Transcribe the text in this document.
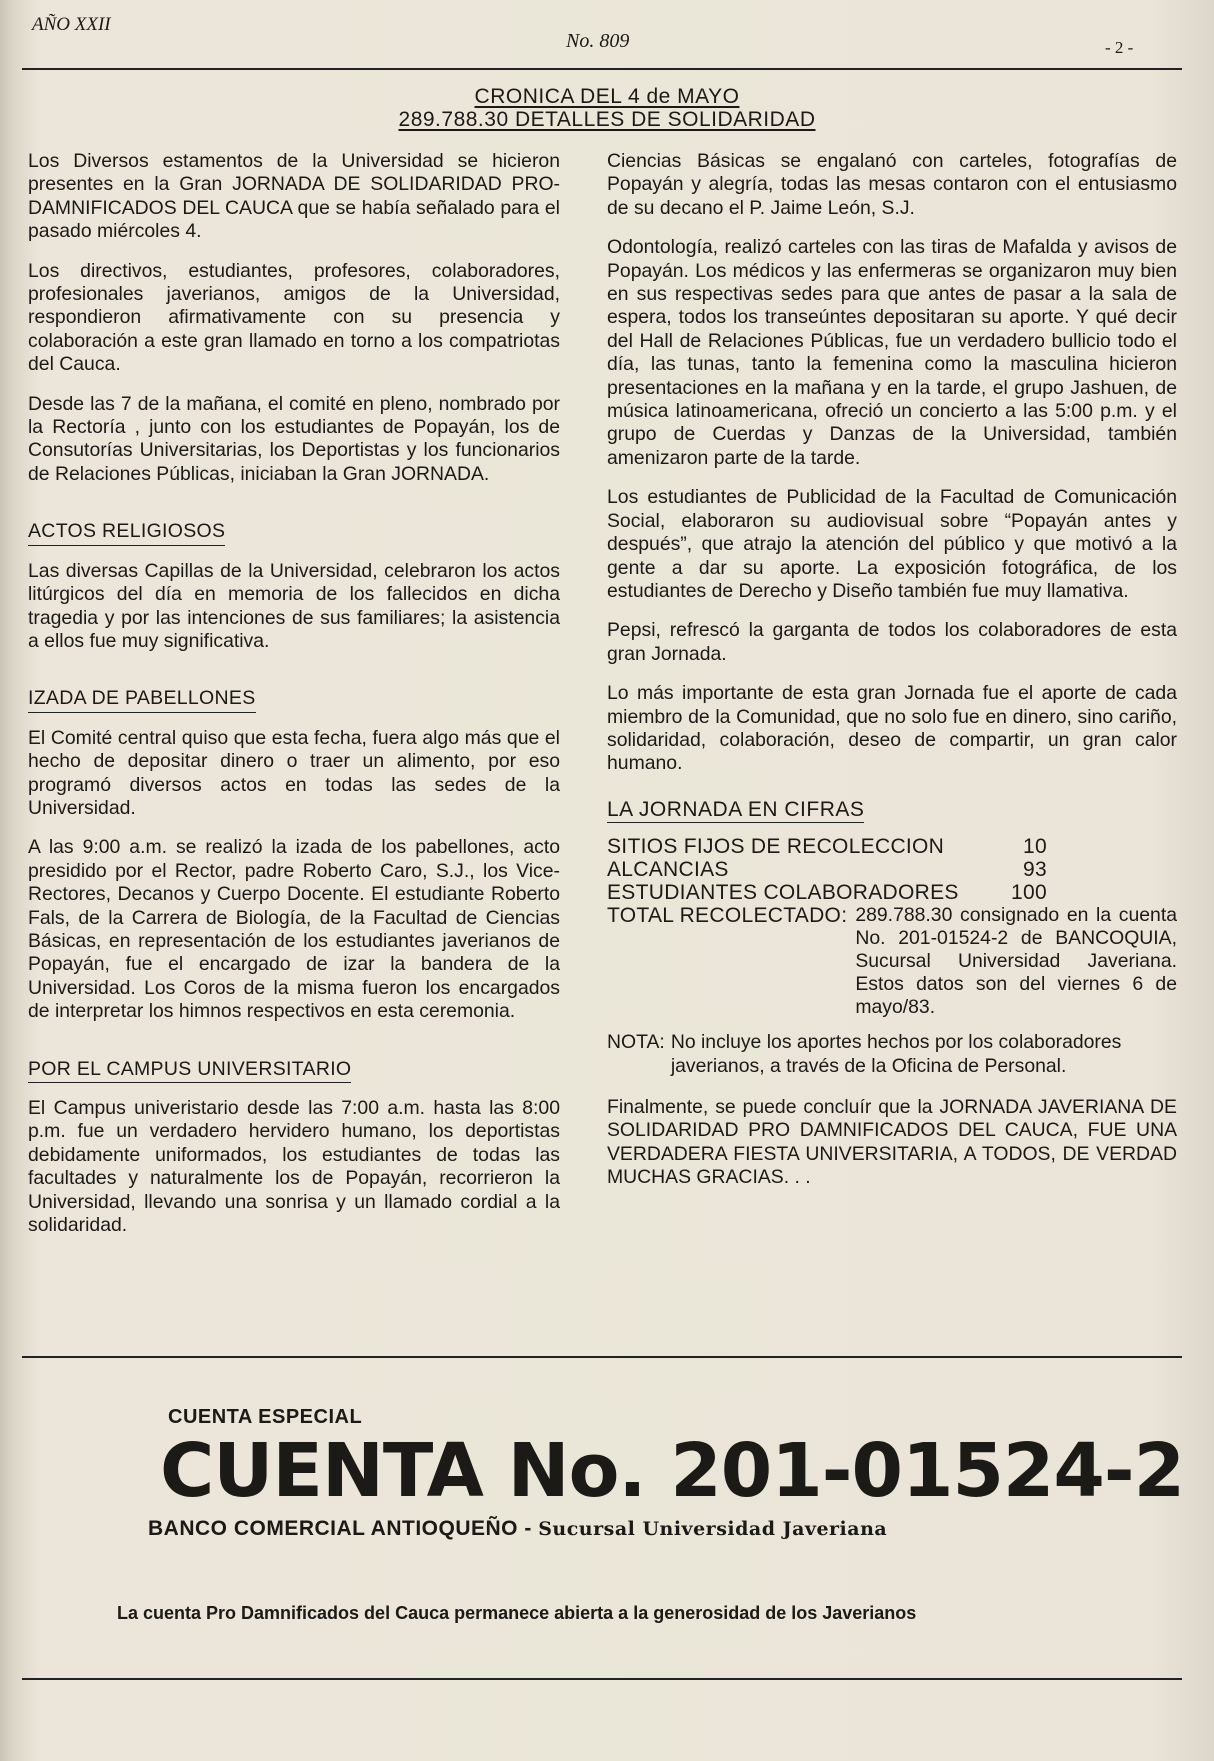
AÑO XXII
No. 809	- 2 -
CRONICA DEL 4 de MAYO
289.788.30 DETALLES DE SOLIDARIDAD

Los Diversos estamentos de la Universidad se hicieron presentes en la Gran JORNADA DE SOLIDARIDAD PRO-DAMNIFICADOS DEL CAUCA que se había señalado para el pasado miércoles 4.

Los directivos, estudiantes, profesores, colaboradores, profesionales javerianos, amigos de la Universidad, respondieron afirmativamente con su presencia y colaboración a este gran llamado en torno a los compatriotas del Cauca.

Desde las 7 de la mañana, el comité en pleno, nombrado por la Rectoría , junto con los estudiantes de Popayán, los de Consutorías Universitarias, los Deportistas y los funcionarios de Relaciones Públicas, iniciaban la Gran JORNADA.

ACTOS RELIGIOSOS

Las diversas Capillas de la Universidad, celebraron los actos litúrgicos del día en memoria de los fallecidos en dicha tragedia y por las intenciones de sus familiares; la asistencia a ellos fue muy significativa.

IZADA DE PABELLONES

El Comité central quiso que esta fecha, fuera algo más que el hecho de depositar dinero o traer un alimento, por eso programó diversos actos en todas las sedes de la Universidad.

A las 9:00 a.m. se realizó la izada de los pabellones, acto presidido por el Rector, padre Roberto Caro, S.J., los Vice-Rectores, Decanos y Cuerpo Docente. El estudiante Roberto Fals, de la Carrera de Biología, de la Facultad de Ciencias Básicas, en representación de los estudiantes javerianos de Popayán, fue el encargado de izar la bandera de la Universidad. Los Coros de la misma fueron los encargados de interpretar los himnos respectivos en esta ceremonia.

POR EL CAMPUS UNIVERSITARIO

El Campus univeristario desde las 7:00 a.m. hasta las 8:00 p.m. fue un verdadero hervidero humano, los deportistas debidamente uniformados, los estudiantes de todas las facultades y naturalmente los de Popayán, recorrieron la Universidad, llevando una sonrisa y un llamado cordial a la solidaridad.

Ciencias Básicas se engalanó con carteles, fotografías de Popayán y alegría, todas las mesas contaron con el entusiasmo de su decano el P. Jaime León, S.J.

Odontología, realizó carteles con las tiras de Mafalda y avisos de Popayán. Los médicos y las enfermeras se organizaron muy bien en sus respectivas sedes para que antes de pasar a la sala de espera, todos los transeúntes depositaran su aporte. Y qué decir del Hall de Relaciones Públicas, fue un verdadero bullicio todo el día, las tunas, tanto la femenina como la masculina hicieron presentaciones en la mañana y en la tarde, el grupo Jashuen, de música latinoamericana, ofreció un concierto a las 5:00 p.m. y el grupo de Cuerdas y Danzas de la Universidad, también amenizaron parte de la tarde.

Los estudiantes de Publicidad de la Facultad de Comunicación Social, elaboraron su audiovisual sobre “Popayán antes y después”, que atrajo la atención del público y que motivó a la gente a dar su aporte. La exposición fotográfica, de los estudiantes de Derecho y Diseño también fue muy llamativa.

Pepsi, refrescó la garganta de todos los colaboradores de esta gran Jornada.

Lo más importante de esta gran Jornada fue el aporte de cada miembro de la Comunidad, que no solo fue en dinero, sino cariño, solidaridad, colaboración, deseo de compartir, un gran calor humano.

LA JORNADA EN CIFRAS
SITIOS FIJOS DE RECOLECCION	10
ALCANCIAS	93
ESTUDIANTES COLABORADORES 100
TOTAL RECOLECTADO: 289.788.30 consignado en la cuenta No. 201-01524-2 de BANCOQUIA, Sucursal Universidad Javeriana. Estos datos son del viernes 6 de mayo/83.
NOTA: No incluye los aportes hechos por los colaboradores javerianos, a través de la Oficina de Personal.

Finalmente, se puede concluír que la JORNADA JAVERIANA DE SOLIDARIDAD PRO DAMNIFICADOS DEL CAUCA, FUE UNA VERDADERA FIESTA UNIVERSITARIA, A TODOS, DE VERDAD MUCHAS GRACIAS. . .

CUENTA ESPECIAL
CUENTA No. 201-01524-2
BANCO COMERCIAL ANTIOQUEÑO - Sucursal Universidad Javeriana
La cuenta Pro Damnificados del Cauca permanece abierta a la generosidad de los Javerianos
